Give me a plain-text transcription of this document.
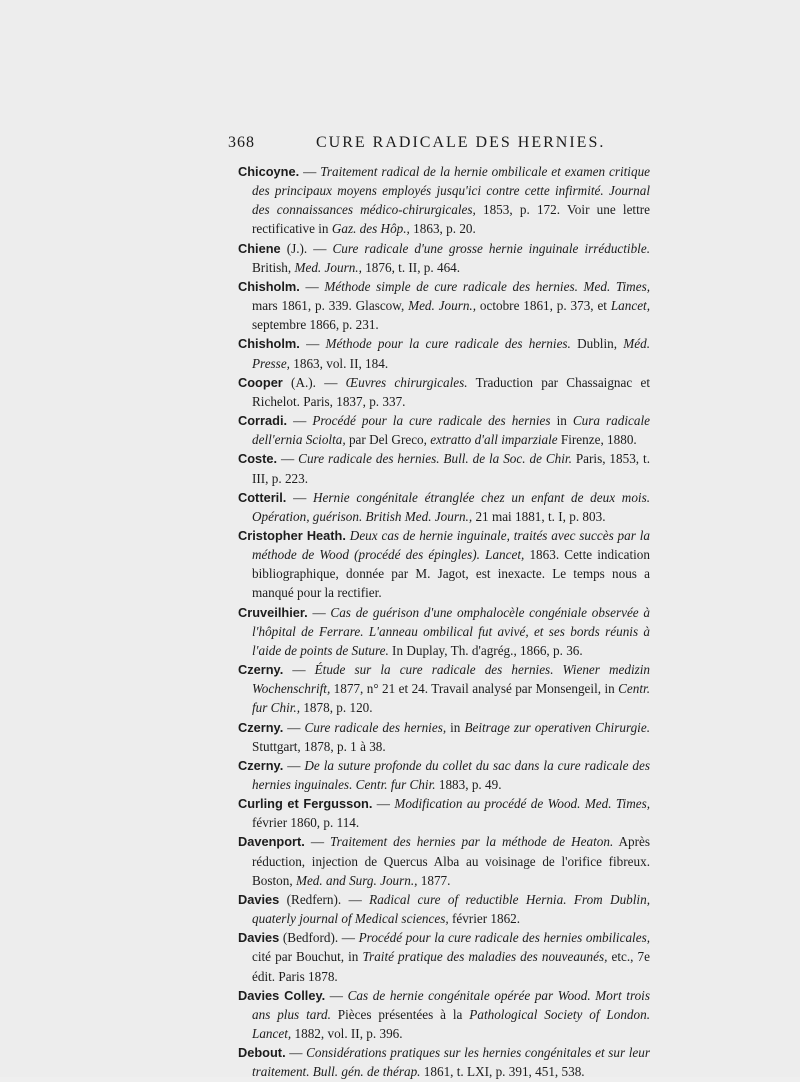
368	CURE RADICALE DES HERNIES.
Chicoyne. — Traitement radical de la hernie ombilicale et examen critique des principaux moyens employés jusqu'ici contre cette infirmité. Journal des connaissances médico-chirurgicales, 1853, p. 172. Voir une lettre rectificative in Gaz. des Hôp., 1863, p. 20.
Chiene (J.). — Cure radicale d'une grosse hernie inguinale irréductible. British, Med. Journ., 1876, t. II, p. 464.
Chisholm. — Méthode simple de cure radicale des hernies. Med. Times, mars 1861, p. 339. Glascow, Med. Journ., octobre 1861, p. 373, et Lancet, septembre 1866, p. 231.
Chisholm. — Méthode pour la cure radicale des hernies. Dublin, Méd. Presse, 1863, vol. II, 184.
Cooper (A.). — Œuvres chirurgicales. Traduction par Chassaignac et Richelot. Paris, 1837, p. 337.
Corradi. — Procédé pour la cure radicale des hernies in Cura radicale dell'ernia Sciolta, par Del Greco, extratto d'all imparziale Firenze, 1880.
Coste. — Cure radicale des hernies. Bull. de la Soc. de Chir. Paris, 1853, t. III, p. 223.
Cotteril. — Hernie congénitale étranglée chez un enfant de deux mois. Opération, guérison. British Med. Journ., 21 mai 1881, t. I, p. 803.
Cristopher Heath. Deux cas de hernie inguinale, traités avec succès par la méthode de Wood (procédé des épingles). Lancet, 1863. Cette indication bibliographique, donnée par M. Jagot, est inexacte. Le temps nous a manqué pour la rectifier.
Cruveilhier. — Cas de guérison d'une omphalocèle congéniale observée à l'hôpital de Ferrare. L'anneau ombilical fut avivé, et ses bords réunis à l'aide de points de Suture. In Duplay, Th. d'agrég., 1866, p. 36.
Czerny. — Étude sur la cure radicale des hernies. Wiener medizin Wochenschrift, 1877, n° 21 et 24. Travail analysé par Monsengeil, in Centr. fur Chir., 1878, p. 120.
Czerny. — Cure radicale des hernies, in Beitrage zur operativen Chirurgie. Stuttgart, 1878, p. 1 à 38.
Czerny. — De la suture profonde du collet du sac dans la cure radicale des hernies inguinales. Centr. fur Chir. 1883, p. 49.
Curling et Fergusson. — Modification au procédé de Wood. Med. Times, février 1860, p. 114.
Davenport. — Traitement des hernies par la méthode de Heaton. Après réduction, injection de Quercus Alba au voisinage de l'orifice fibreux. Boston, Med. and Surg. Journ., 1877.
Davies (Redfern). — Radical cure of reductible Hernia. From Dublin, quaterly journal of Medical sciences, février 1862.
Davies (Bedford). — Procédé pour la cure radicale des hernies ombilicales, cité par Bouchut, in Traité pratique des maladies des nouveaunés, etc., 7e édit. Paris 1878.
Davies Colley. — Cas de hernie congénitale opérée par Wood. Mort trois ans plus tard. Pièces présentées à la Pathological Society of London. Lancet, 1882, vol. II, p. 396.
Debout. — Considérations pratiques sur les hernies congénitales et sur leur traitement. Bull. gén. de thérap. 1861, t. LXI, p. 391, 451, 538.
